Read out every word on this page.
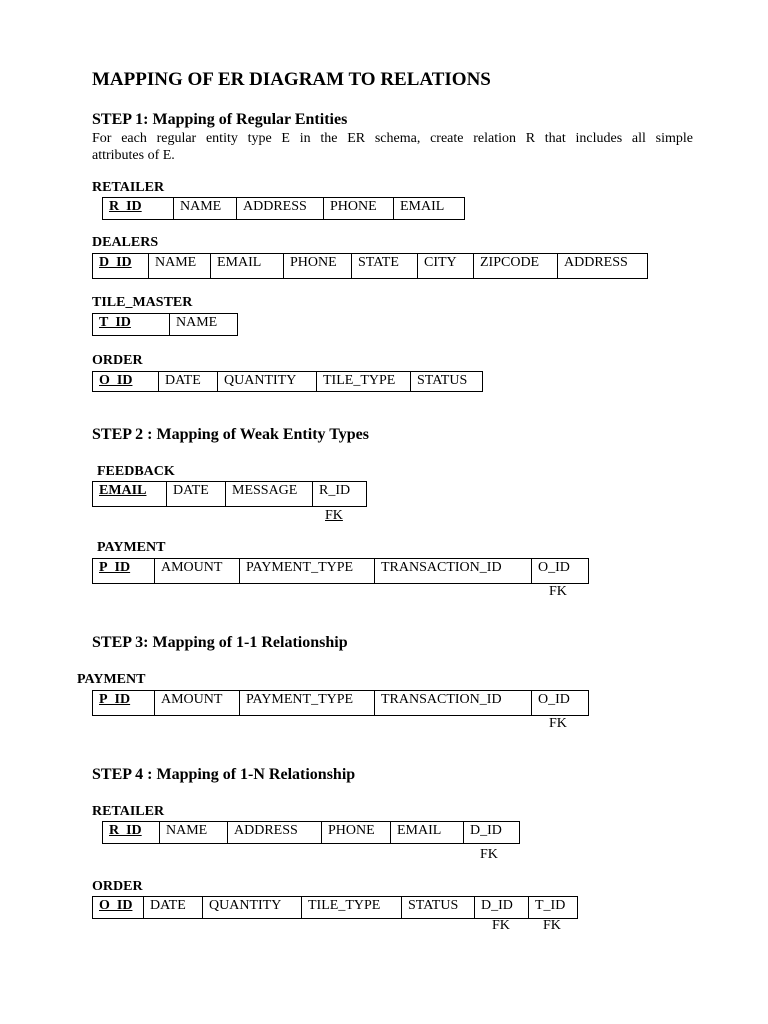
MAPPING OF ER DIAGRAM TO RELATIONS
STEP 1: Mapping of Regular Entities
For each regular entity type E in the ER schema, create relation R that includes all simple
attributes of E.
RETAILER
R_ID	NAME	ADDRESS	PHONE	EMAIL
DEALERS
D_ID	NAME	EMAIL	PHONE	STATE	CITY	ZIPCODE	ADDRESS
TILE_MASTER
T_ID	NAME
ORDER
O_ID	DATE	QUANTITY	TILE_TYPE	STATUS
STEP 2 : Mapping of Weak Entity Types
FEEDBACK
EMAIL	DATE	MESSAGE	R_ID
FK
PAYMENT
P_ID	AMOUNT	PAYMENT_TYPE	TRANSACTION_ID	O_ID
FK
STEP 3: Mapping of 1-1 Relationship
PAYMENT
P_ID	AMOUNT	PAYMENT_TYPE	TRANSACTION_ID	O_ID
FK
STEP 4 : Mapping of 1-N Relationship
RETAILER
R_ID	NAME	ADDRESS	PHONE	EMAIL	D_ID
FK
ORDER
O_ID	DATE	QUANTITY	TILE_TYPE	STATUS	D_ID	T_ID
FK FK
